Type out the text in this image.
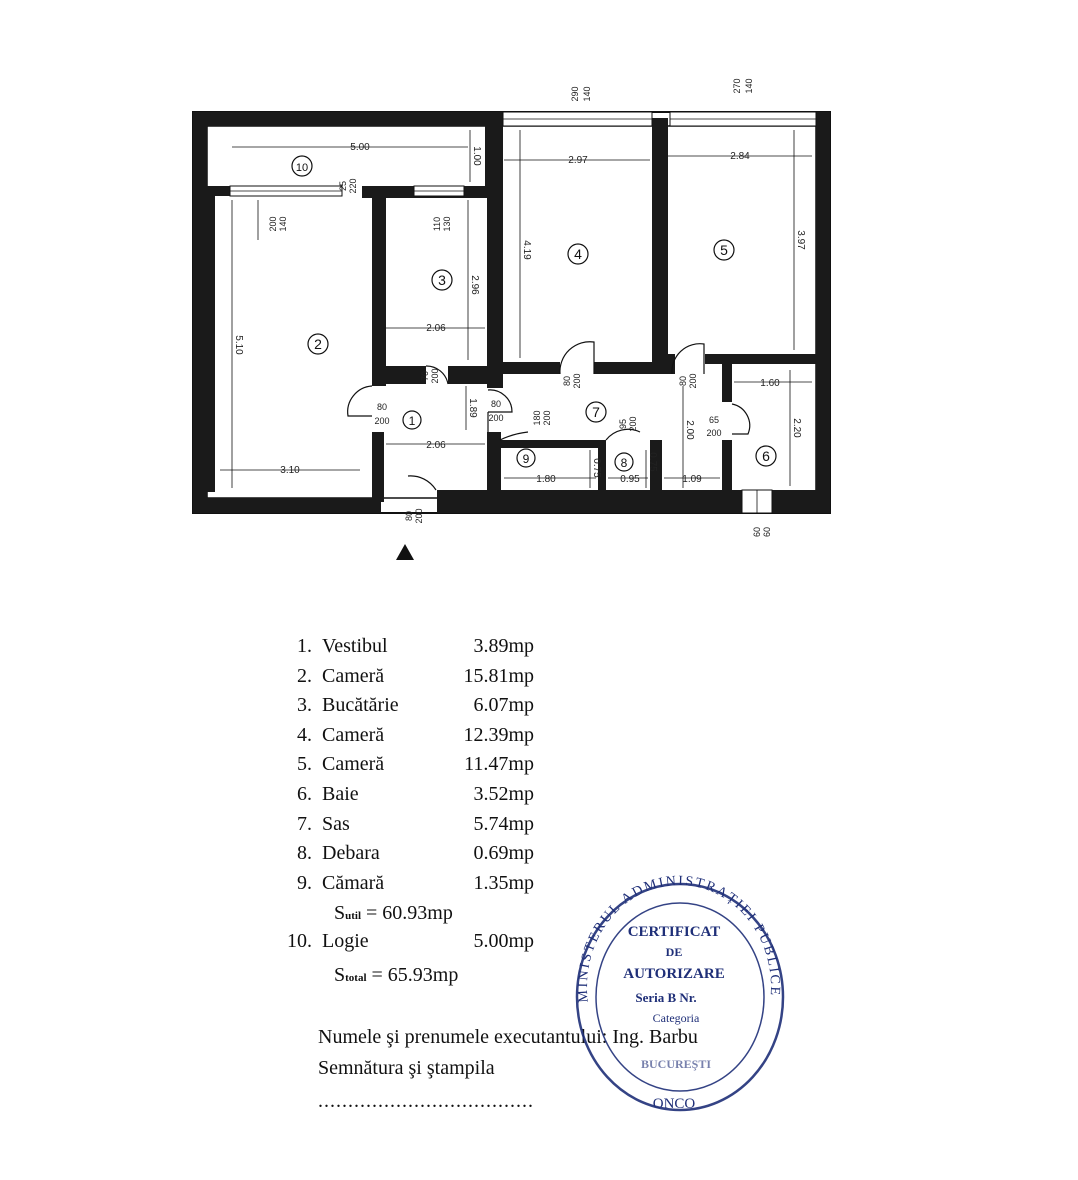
10
2
3
4	5
6
7
8
9
1
5.00	1.00	2.97	2.84
4.19
3.97
2.96
2.06
5.10
3.10
2.06
1.89
1.80
0.75
0.95
0.75
1.09
2.00
1.60
2.20
290 140
270 140
25 220
200 140	110 130
70 200
80
200
80
200
80 200	80 200
180 200	95 200	65
200
80 200
60 60
1. Vestibul	3.89mp
2. Cameră	15.81mp
3. Bucătărie	6.07mp
4. Cameră	12.39mp
5. Cameră	11.47mp
6. Baie	3.52mp
7. Sas	5.74mp
8. Debara	0.69mp
9. Cămară	1.35mp
Sutil = 60.93mp
10. Logie	5.00mp
Stotal = 65.93mp
Numele şi prenumele executantului: Ing. Barbu
Semnătura şi ştampila
....................................
MINISTERUL ADMINISTRAȚIEI PUBLICE
CERTIFICAT
DE
AUTORIZARE
Seria B Nr.
Categoria
BUCUREŞTI
ONCO
